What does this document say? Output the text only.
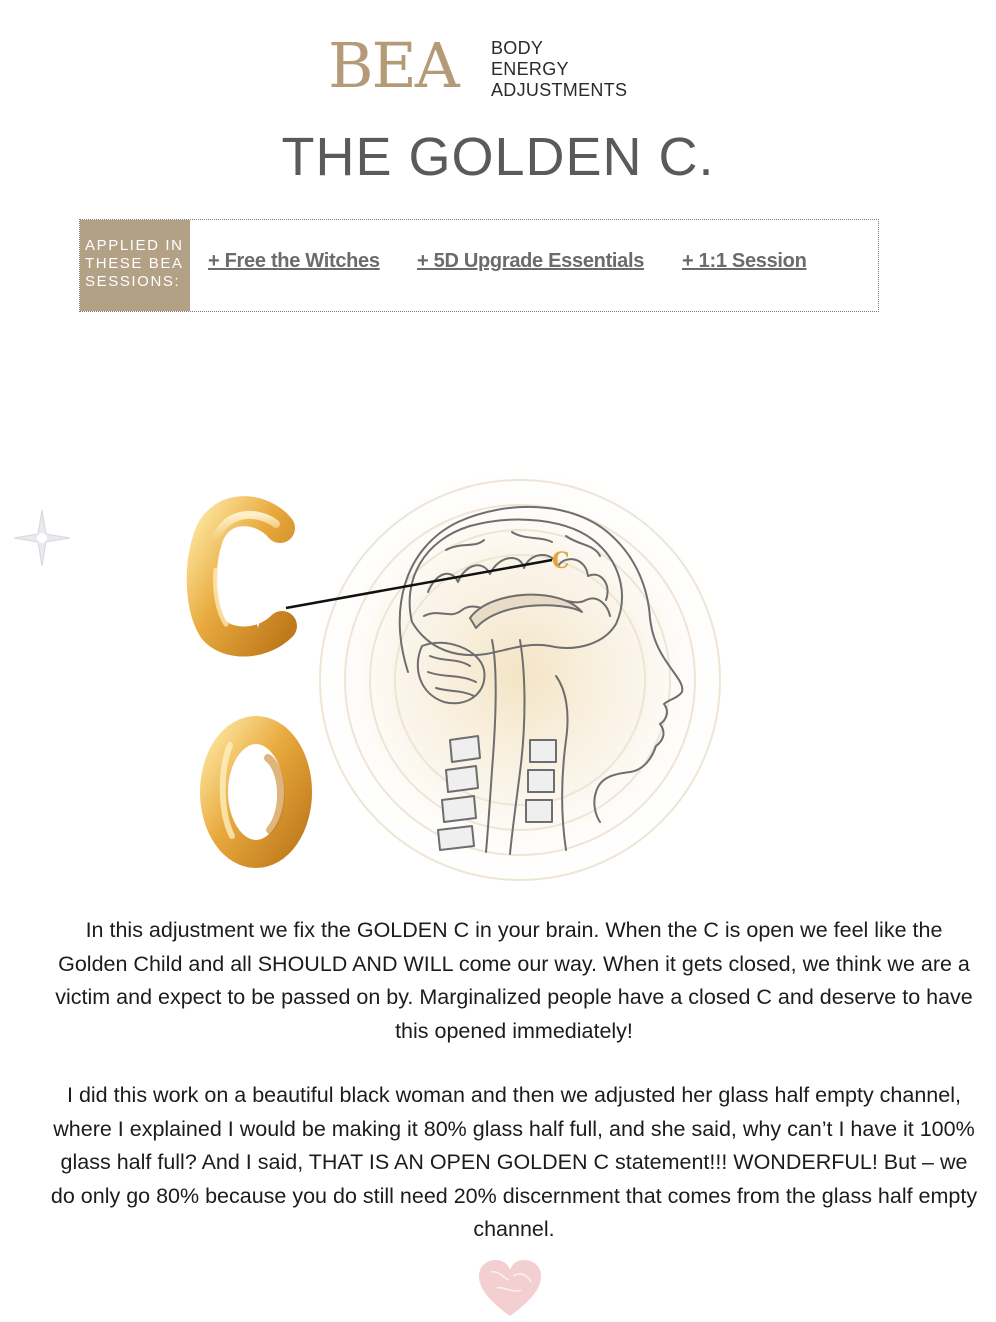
BEA BODY
ENERGY
ADJUSTMENTS
THE GOLDEN C.
APPLIED IN
THESE BEA
SESSIONS:
+ Free the Witches + 5D Upgrade Essentials + 1:1 Session
C

In this adjustment we fix the GOLDEN C in your brain. When the C is open we feel like the Golden Child and all SHOULD AND WILL come our way. When it gets closed, we think we are a victim and expect to be passed on by. Marginalized people have a closed C and deserve to have this opened immediately!

I did this work on a beautiful black woman and then we adjusted her glass half empty channel, where I explained I would be making it 80% glass half full, and she said, why can’t I have it 100% glass half full? And I said, THAT IS AN OPEN GOLDEN C statement!!! WONDERFUL! But – we do only go 80% because you do still need 20% discernment that comes from the glass half empty channel.
